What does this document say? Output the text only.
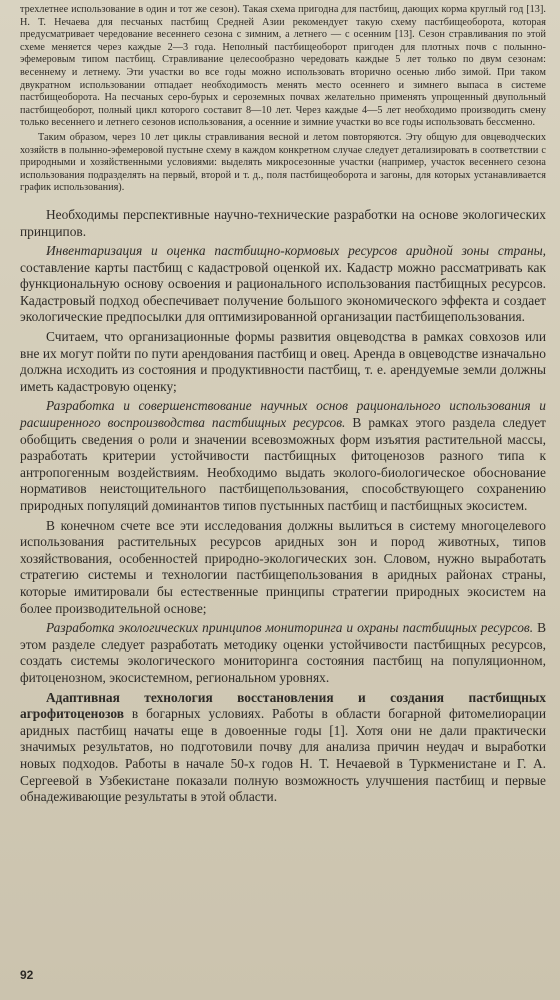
трехлетнее использование в один и тот же сезон). Такая схема пригодна для пастбищ, дающих корма круглый год [13]. Н. Т. Нечаева для песчаных пастбищ Средней Азии рекомендует такую схему пастбищеоборота, которая предусматривает чередование весеннего сезона с зимним, а летнего — с осенним [13]. Сезон стравливания по этой схеме меняется через каждые 2—3 года. Неполный пастбищеоборот пригоден для плотных почв с полынно-эфемеровым типом пастбищ. Стравливание целесообразно чередовать каждые 5 лет только по двум сезонам: весеннему и летнему. Эти участки во все годы можно использовать вторично осенью либо зимой. При таком двукратном использовании отпадает необходимость менять место осеннего и зимнего выпаса в системе пастбищеоборота. На песчаных серо-бурых и сероземных почвах желательно применять упрощенный двупольный пастбищеоборот, полный цикл которого составит 8—10 лет. Через каждые 4—5 лет необходимо производить смену только весеннего и летнего сезонов использования, а осенние и зимние участки во все годы использовать бессменно.

Таким образом, через 10 лет циклы стравливания весной и летом повторяются. Эту общую для овцеводческих хозяйств в полынно-эфемеровой пустыне схему в каждом конкретном случае следует детализировать в соответствии с природными и хозяйственными условиями: выделять микросезонные участки (например, участок весеннего сезона использования подразделять на первый, второй и т. д., поля пастбищеоборота и загоны, для которых устанавливается график использования).

Необходимы перспективные научно-технические разработки на основе экологических принципов.

Инвентаризация и оценка пастбищно-кормовых ресурсов аридной зоны страны, составление карты пастбищ с кадастровой оценкой их. Кадастр можно рассматривать как функциональную основу освоения и рационального использования пастбищных ресурсов. Кадастровый подход обеспечивает получение большого экономического эффекта и создает экологические предпосылки для оптимизированной организации пастбищепользования.

Считаем, что организационные формы развития овцеводства в рамках совхозов или вне их могут пойти по пути арендования пастбищ и овец. Аренда в овцеводстве изначально должна исходить из состояния и продуктивности пастбищ, т. е. арендуемые земли должны иметь кадастровую оценку;

Разработка и совершенствование научных основ рационального использования и расширенного воспроизводства пастбищных ресурсов. В рамках этого раздела следует обобщить сведения о роли и значении всевозможных форм изъятия растительной массы, разработать критерии устойчивости пастбищных фитоценозов разного типа к антропогенным воздействиям. Необходимо выдать эколого-биологическое обоснование нормативов неистощительного пастбищепользования, способствующего сохранению природных популяций доминантов типов пустынных пастбищ и пастбищных экосистем.

В конечном счете все эти исследования должны вылиться в систему многоцелевого использования растительных ресурсов аридных зон и пород животных, типов хозяйствования, особенностей природно-экологических зон. Словом, нужно выработать стратегию системы и технологии пастбищепользования в аридных районах страны, которые имитировали бы естественные принципы стратегии природных экосистем на более производительной основе;

Разработка экологических принципов мониторинга и охраны пастбищных ресурсов. В этом разделе следует разработать методику оценки устойчивости пастбищных ресурсов, создать системы экологического мониторинга состояния пастбищ на популяционном, фитоценозном, экосистемном, региональном уровнях.

Адаптивная технология восстановления и создания пастбищных агрофитоценозов в богарных условиях. Работы в области богарной фитомелиорации аридных пастбищ начаты еще в довоенные годы [1]. Хотя они не дали практически значимых результатов, но подготовили почву для анализа причин неудач и выработки новых подходов. Работы в начале 50-х годов Н. Т. Нечаевой в Туркменистане и Г. А. Сергеевой в Узбекистане показали полную возможность улучшения пастбищ и первые обнадеживающие результаты в этой области.

92
